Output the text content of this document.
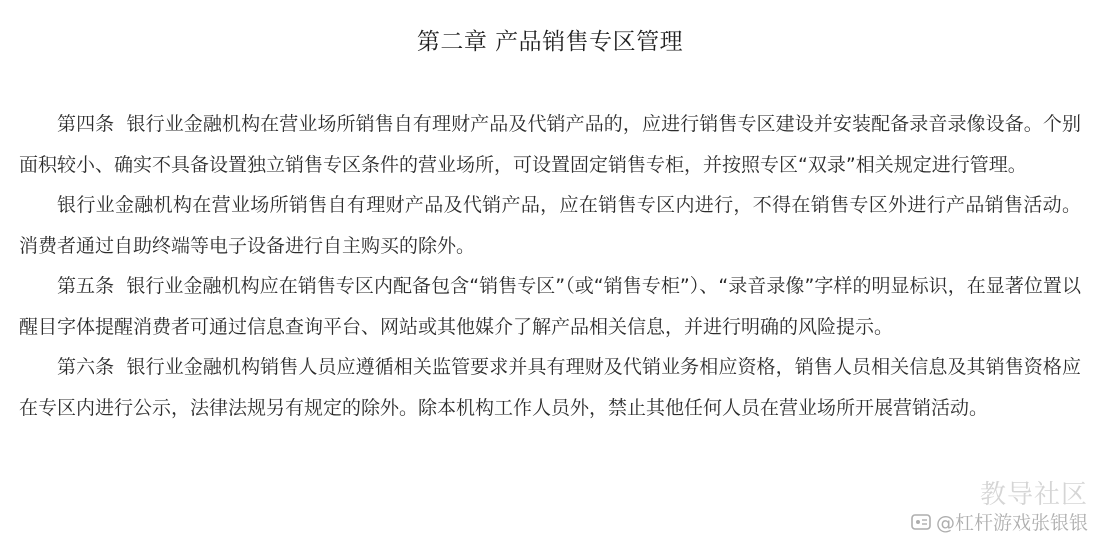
第二章 产品销售专区管理

第四条  银行业金融机构在营业场所销售自有理财产品及代销产品的，应进行销售专区建设并安装配备录音录像设备。个别面积较小、确实不具备设置独立销售专区条件的营业场所，可设置固定销售专柜，并按照专区“双录”相关规定进行管理。

银行业金融机构在营业场所销售自有理财产品及代销产品，应在销售专区内进行，不得在销售专区外进行产品销售活动。消费者通过自助终端等电子设备进行自主购买的除外。

第五条  银行业金融机构应在销售专区内配备包含“销售专区”（或“销售专柜”）、“录音录像”字样的明显标识，在显著位置以醒目字体提醒消费者可通过信息查询平台、网站或其他媒介了解产品相关信息，并进行明确的风险提示。

第六条  银行业金融机构销售人员应遵循相关监管要求并具有理财及代销业务相应资格，销售人员相关信息及其销售资格应在专区内进行公示，法律法规另有规定的除外。除本机构工作人员外，禁止其他任何人员在营业场所开展营销活动。

教导社区
@杠杆游戏张银银
